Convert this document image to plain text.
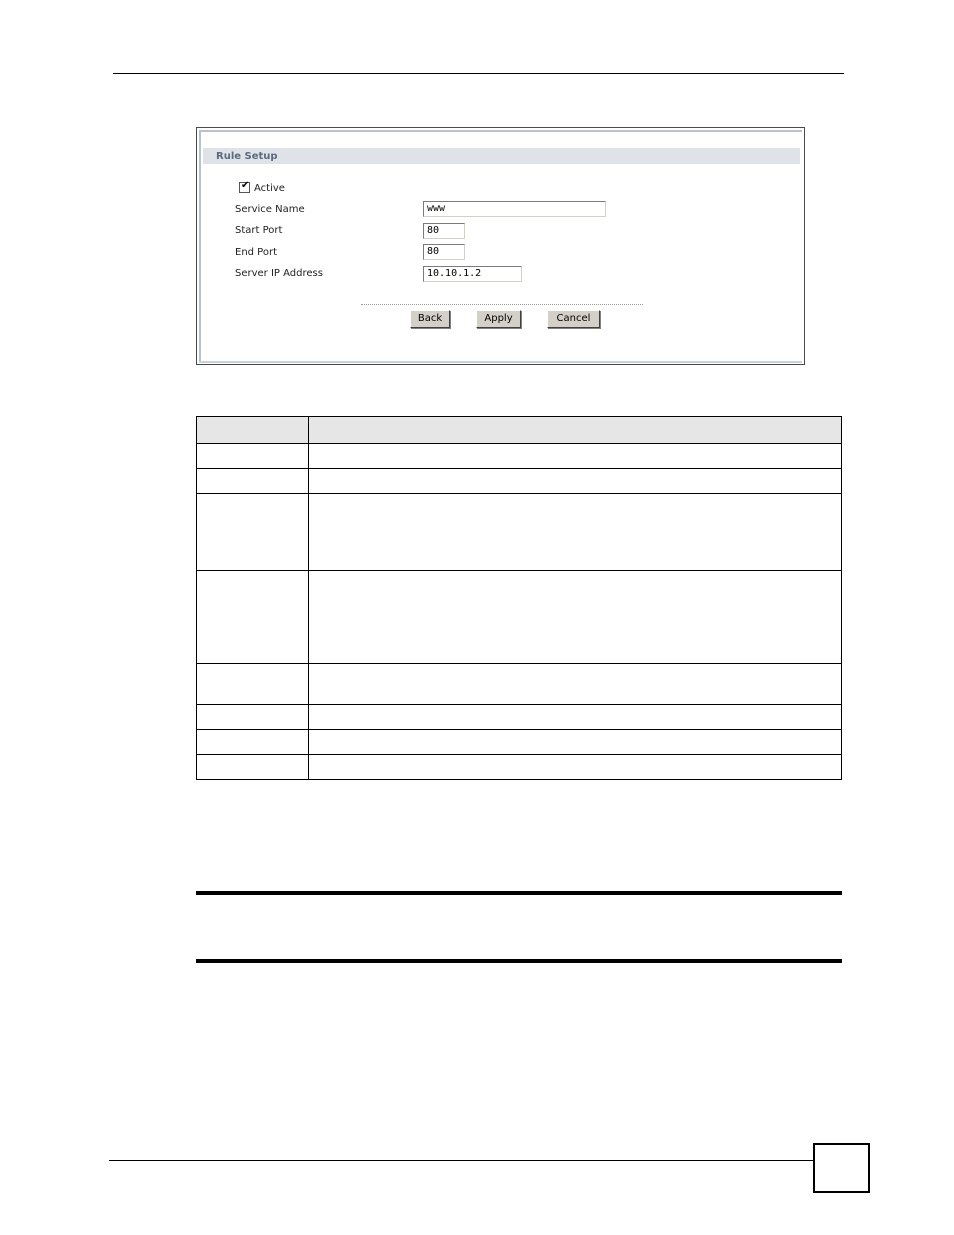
Rule Setup
✔ Active
Service Name	www
Start Port	80
End Port	80
Server IP Address	10.10.1.2
Back	Apply	Cancel
